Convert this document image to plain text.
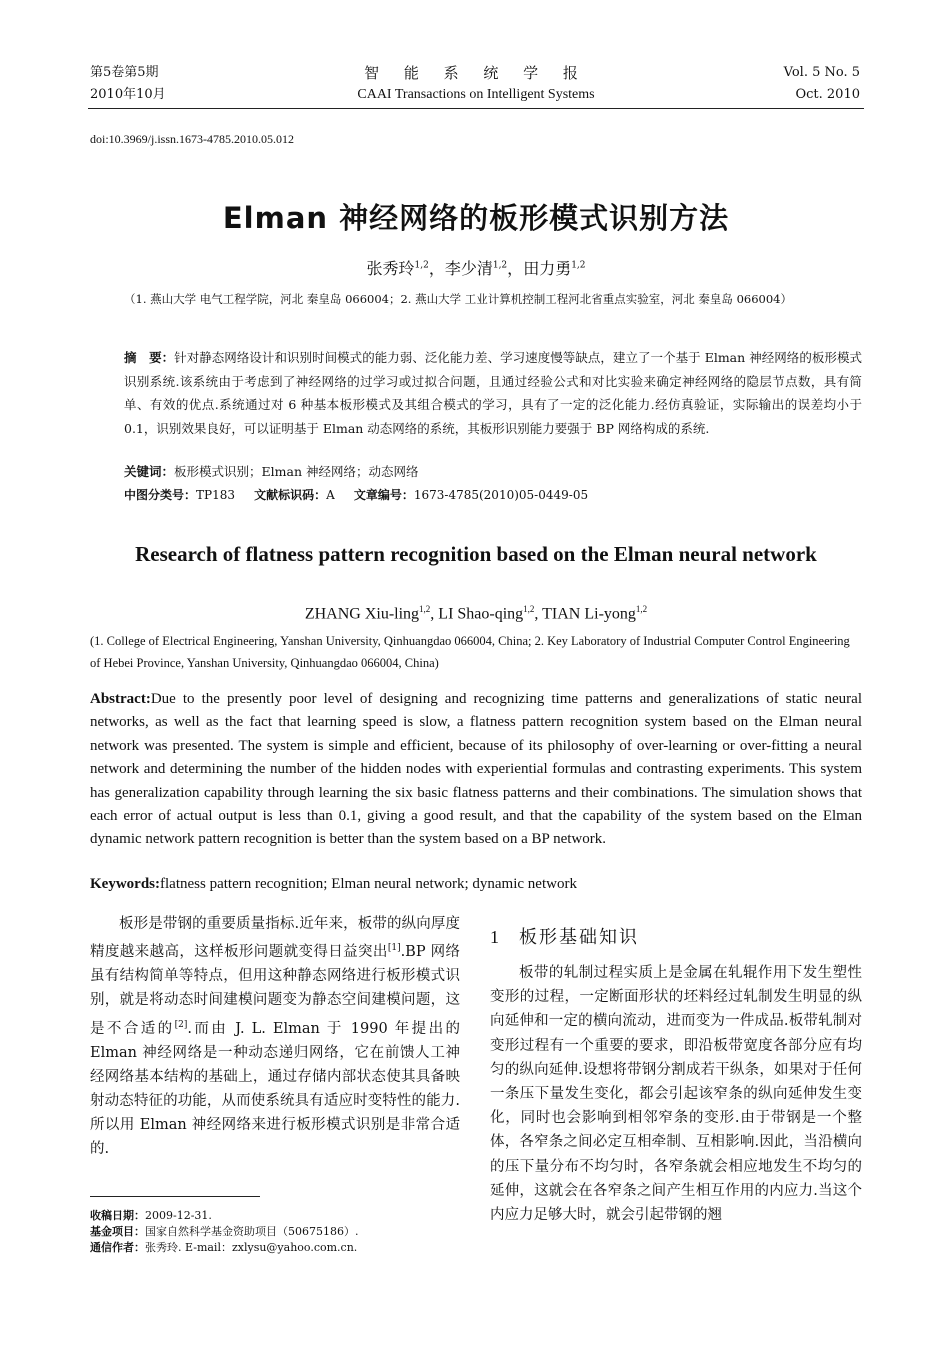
第5卷第5期
2010年10月
智 能 系 统 学 报
CAAI Transactions on Intelligent Systems
Vol. 5 No. 5
Oct. 2010
doi:10.3969/j.issn.1673-4785.2010.05.012
Elman 神经网络的板形模式识别方法
张秀玲$^{1,2}$，李少清$^{1,2}$，田力勇$^{1,2}$
（1. 燕山大学 电气工程学院，河北 秦皇岛 066004；2. 燕山大学 工业计算机控制工程河北省重点实验室，河北 秦皇岛 066004）
摘　要：针对静态网络设计和识别时间模式的能力弱、泛化能力差、学习速度慢等缺点，建立了一个基于 Elman 神经网络的板形模式识别系统.该系统由于考虑到了神经网络的过学习或过拟合问题，且通过经验公式和对比实验来确定神经网络的隐层节点数，具有简单、有效的优点.系统通过对 6 种基本板形模式及其组合模式的学习，具有了一定的泛化能力.经仿真验证，实际输出的误差均小于 0.1，识别效果良好，可以证明基于 Elman 动态网络的系统，其板形识别能力要强于 BP 网络构成的系统.
关键词：板形模式识别；Elman 神经网络；动态网络
中图分类号：TP183 文献标识码：A 文章编号：1673-4785(2010)05-0449-05
Research of flatness pattern recognition based on the Elman neural network
ZHANG Xiu-ling$^{1,2}$, LI Shao-qing$^{1,2}$, TIAN Li-yong$^{1,2}$
(1. College of Electrical Engineering, Yanshan University, Qinhuangdao 066004, China; 2. Key Laboratory of Industrial Computer Control Engineering of Hebei Province, Yanshan University, Qinhuangdao 066004, China)
Abstract:Due to the presently poor level of designing and recognizing time patterns and generalizations of static neural networks, as well as the fact that learning speed is slow, a flatness pattern recognition system based on the Elman neural network was presented. The system is simple and efficient, because of its philosophy of over-learning or over-fitting a neural network and determining the number of the hidden nodes with experiential formulas and contrasting experiments. This system has generalization capability through learning the six basic flatness patterns and their combinations. The simulation shows that each error of actual output is less than 0.1, giving a good result, and that the capability of the system based on the Elman dynamic network pattern recognition is better than the system based on a BP network.
Keywords:flatness pattern recognition; Elman neural network; dynamic network

板形是带钢的重要质量指标.近年来，板带的纵向厚度精度越来越高，这样板形问题就变得日益突出[1].BP 网络虽有结构简单等特点，但用这种静态网络进行板形模式识别，就是将动态时间建模问题变为静态空间建模问题，这是不合适的[2].而由 J. L. Elman 于 1990 年提出的 Elman 神经网络是一种动态递归网络，它在前馈人工神经网络基本结构的基础上，通过存储内部状态使其具备映射动态特征的功能，从而使系统具有适应时变特性的能力.所以用 Elman 神经网络来进行板形模式识别是非常合适的.

1 板形基础知识

板带的轧制过程实质上是金属在轧辊作用下发生塑性变形的过程，一定断面形状的坯料经过轧制发生明显的纵向延伸和一定的横向流动，进而变为一件成品.板带轧制对变形过程有一个重要的要求，即沿板带宽度各部分应有均匀的纵向延伸.设想将带钢分割成若干纵条，如果对于任何一条压下量发生变化，都会引起该窄条的纵向延伸发生变化，同时也会影响到相邻窄条的变形.由于带钢是一个整体，各窄条之间必定互相牵制、互相影响.因此，当沿横向的压下量分布不均匀时，各窄条就会相应地发生不均匀的延伸，这就会在各窄条之间产生相互作用的内应力.当这个内应力足够大时，就会引起带钢的翘

收稿日期：2009-12-31.
基金项目：国家自然科学基金资助项目（50675186）.
通信作者：张秀玲. E-mail：zxlysu@yahoo.com.cn.
